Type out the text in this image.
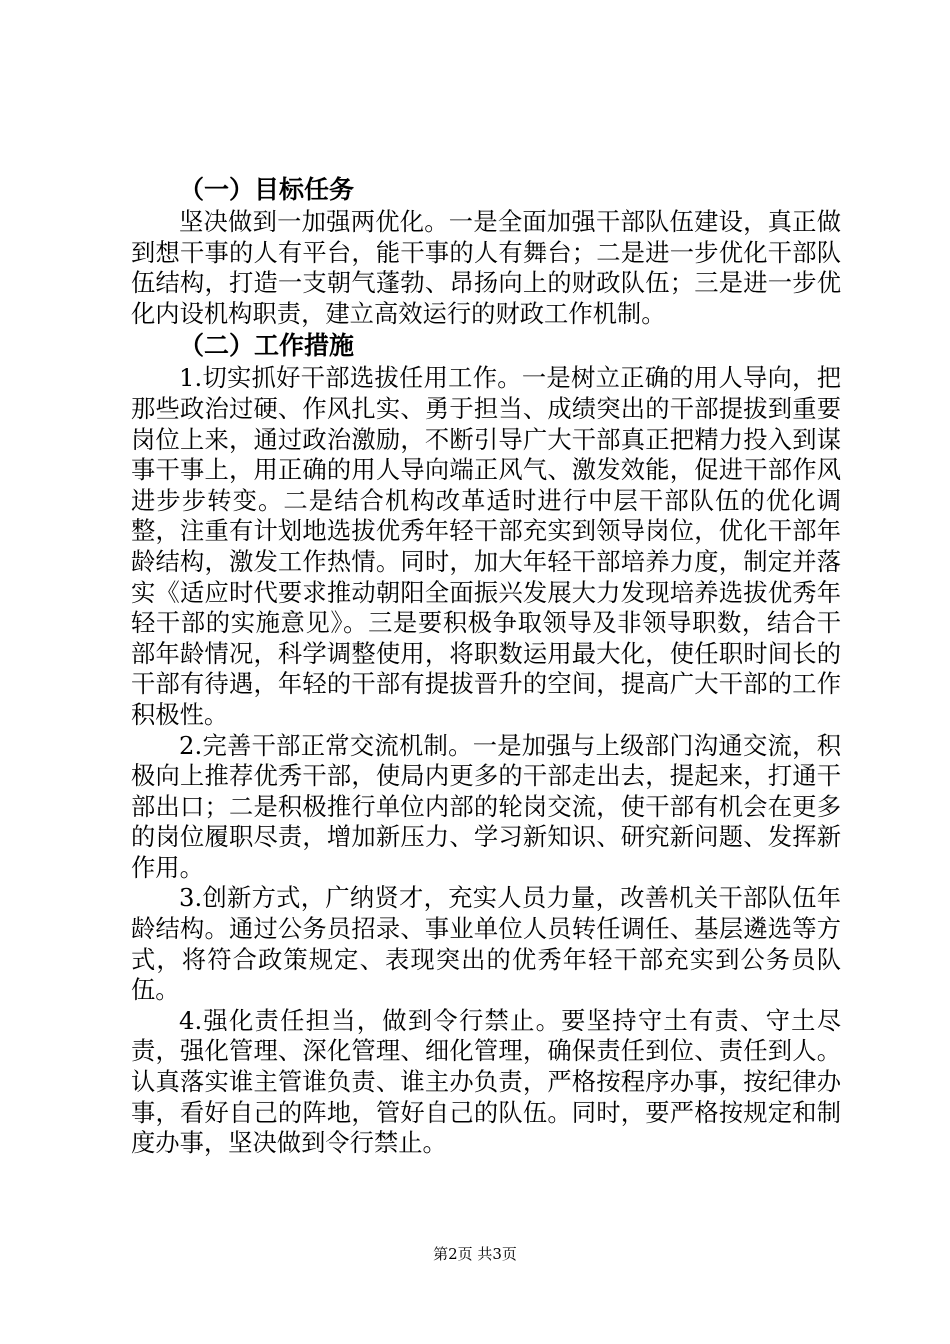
（一）目标任务

坚决做到一加强两优化。一是全面加强干部队伍建设，真正做到想干事的人有平台，能干事的人有舞台；二是进一步优化干部队伍结构，打造一支朝气蓬勃、昂扬向上的财政队伍；三是进一步优化内设机构职责，建立高效运行的财政工作机制。

（二）工作措施

1.切实抓好干部选拔任用工作。一是树立正确的用人导向，把那些政治过硬、作风扎实、勇于担当、成绩突出的干部提拔到重要岗位上来，通过政治激励，不断引导广大干部真正把精力投入到谋事干事上，用正确的用人导向端正风气、激发效能，促进干部作风进步步转变。二是结合机构改革适时进行中层干部队伍的优化调整，注重有计划地选拔优秀年轻干部充实到领导岗位，优化干部年龄结构，激发工作热情。同时，加大年轻干部培养力度，制定并落实《适应时代要求推动朝阳全面振兴发展大力发现培养选拔优秀年轻干部的实施意见》。三是要积极争取领导及非领导职数，结合干部年龄情况，科学调整使用，将职数运用最大化，使任职时间长的干部有待遇，年轻的干部有提拔晋升的空间，提高广大干部的工作积极性。

2.完善干部正常交流机制。一是加强与上级部门沟通交流，积极向上推荐优秀干部，使局内更多的干部走出去，提起来，打通干部出口；二是积极推行单位内部的轮岗交流，使干部有机会在更多的岗位履职尽责，增加新压力、学习新知识、研究新问题、发挥新作用。

3.创新方式，广纳贤才，充实人员力量，改善机关干部队伍年龄结构。通过公务员招录、事业单位人员转任调任、基层遴选等方式，将符合政策规定、表现突出的优秀年轻干部充实到公务员队伍。

4.强化责任担当，做到令行禁止。要坚持守土有责、守土尽责，强化管理、深化管理、细化管理，确保责任到位、责任到人。认真落实谁主管谁负责、谁主办负责，严格按程序办事，按纪律办事，看好自己的阵地，管好自己的队伍。同时，要严格按规定和制度办事，坚决做到令行禁止。

第2页 共3页
